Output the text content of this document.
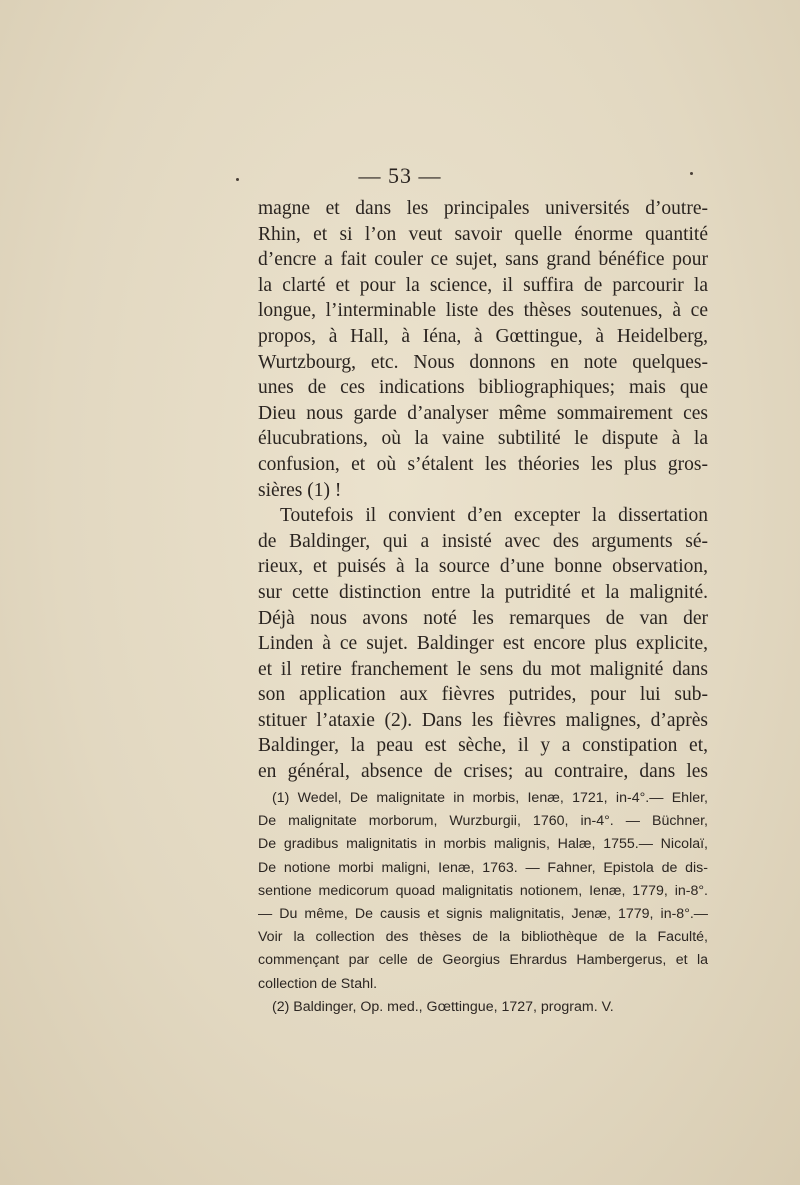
— 53 —
magne et dans les principales universités d’outre-
Rhin, et si l’on veut savoir quelle énorme quantité
d’encre a fait couler ce sujet, sans grand bénéfice pour
la clarté et pour la science, il suffira de parcourir la
longue, l’interminable liste des thèses soutenues, à ce
propos, à Hall, à Iéna, à Gœttingue, à Heidelberg,
Wurtzbourg, etc. Nous donnons en note quelques-
unes de ces indications bibliographiques; mais que
Dieu nous garde d’analyser même sommairement ces
élucubrations, où la vaine subtilité le dispute à la
confusion, et où s’étalent les théories les plus gros-
sières (1) !
Toutefois il convient d’en excepter la dissertation
de Baldinger, qui a insisté avec des arguments sé-
rieux, et puisés à la source d’une bonne observation,
sur cette distinction entre la putridité et la malignité.
Déjà nous avons noté les remarques de van der
Linden à ce sujet. Baldinger est encore plus explicite,
et il retire franchement le sens du mot malignité dans
son application aux fièvres putrides, pour lui sub-
stituer l’ataxie (2). Dans les fièvres malignes, d’après
Baldinger, la peau est sèche, il y a constipation et,
en général, absence de crises; au contraire, dans les
(1) Wedel, De malignitate in morbis, Ienæ, 1721, in-4°.— Ehler,
De malignitate morborum, Wurzburgii, 1760, in-4°. — Büchner,
De gradibus malignitatis in morbis malignis, Halæ, 1755.— Nicolaï,
De notione morbi maligni, Ienæ, 1763. — Fahner, Epistola de dis-
sentione medicorum quoad malignitatis notionem, Ienæ, 1779, in-8°.
— Du même, De causis et signis malignitatis, Jenæ, 1779, in-8°.—
Voir la collection des thèses de la bibliothèque de la Faculté,
commençant par celle de Georgius Ehrardus Hambergerus, et la
collection de Stahl.
(2) Baldinger, Op. med., Gœttingue, 1727, program. V.
